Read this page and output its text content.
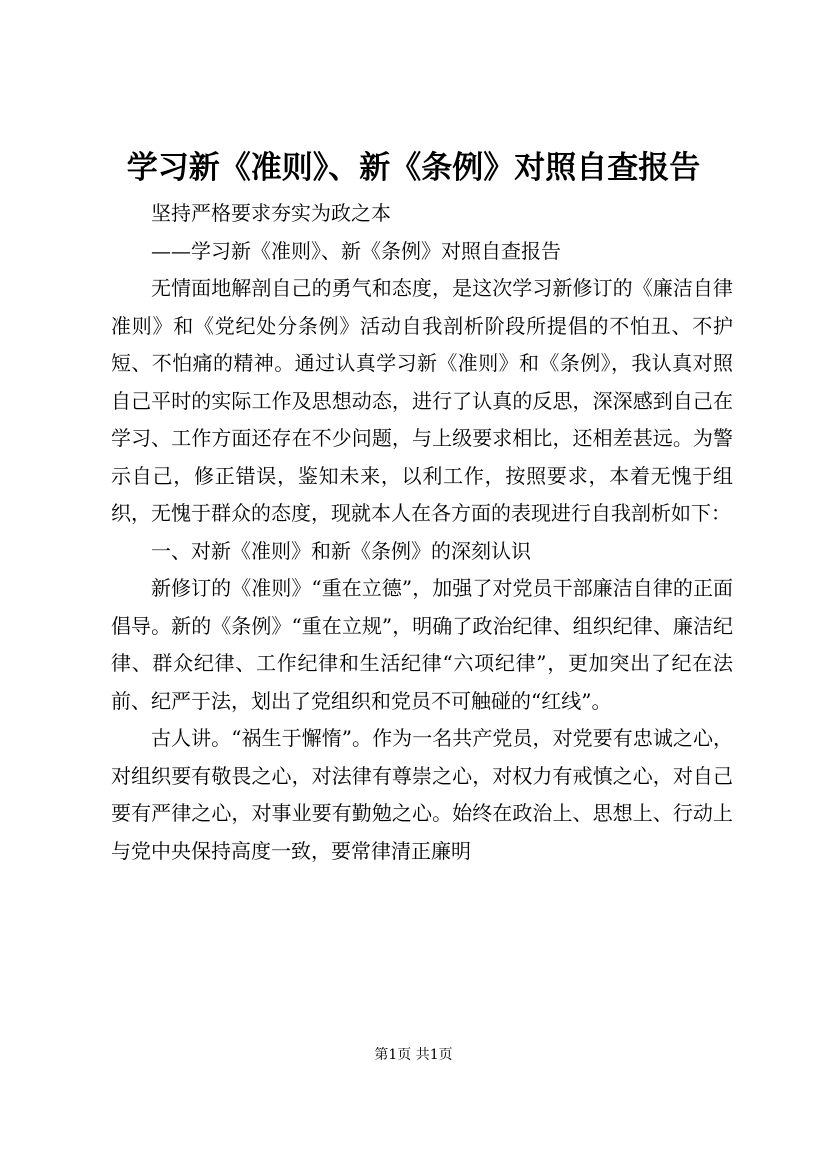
学习新《准则》、新《条例》对照自查报告

坚持严格要求夯实为政之本

——学习新《准则》、新《条例》对照自查报告

无情面地解剖自己的勇气和态度，是这次学习新修订的《廉洁自律准则》和《党纪处分条例》活动自我剖析阶段所提倡的不怕丑、不护短、不怕痛的精神。通过认真学习新《准则》和《条例》，我认真对照自己平时的实际工作及思想动态，进行了认真的反思，深深感到自己在学习、工作方面还存在不少问题，与上级要求相比，还相差甚远。为警示自己，修正错误，鉴知未来，以利工作，按照要求，本着无愧于组织，无愧于群众的态度，现就本人在各方面的表现进行自我剖析如下：

一、对新《准则》和新《条例》的深刻认识

新修订的《准则》“重在立德”，加强了对党员干部廉洁自律的正面倡导。新的《条例》“重在立规”，明确了政治纪律、组织纪律、廉洁纪律、群众纪律、工作纪律和生活纪律“六项纪律”，更加突出了纪在法前、纪严于法，划出了党组织和党员不可触碰的“红线”。

古人讲。“祸生于懈惰”。作为一名共产党员，对党要有忠诚之心，对组织要有敬畏之心，对法律有尊崇之心，对权力有戒慎之心，对自己要有严律之心，对事业要有勤勉之心。始终在政治上、思想上、行动上与党中央保持高度一致，要常律清正廉明

第1页 共1页
